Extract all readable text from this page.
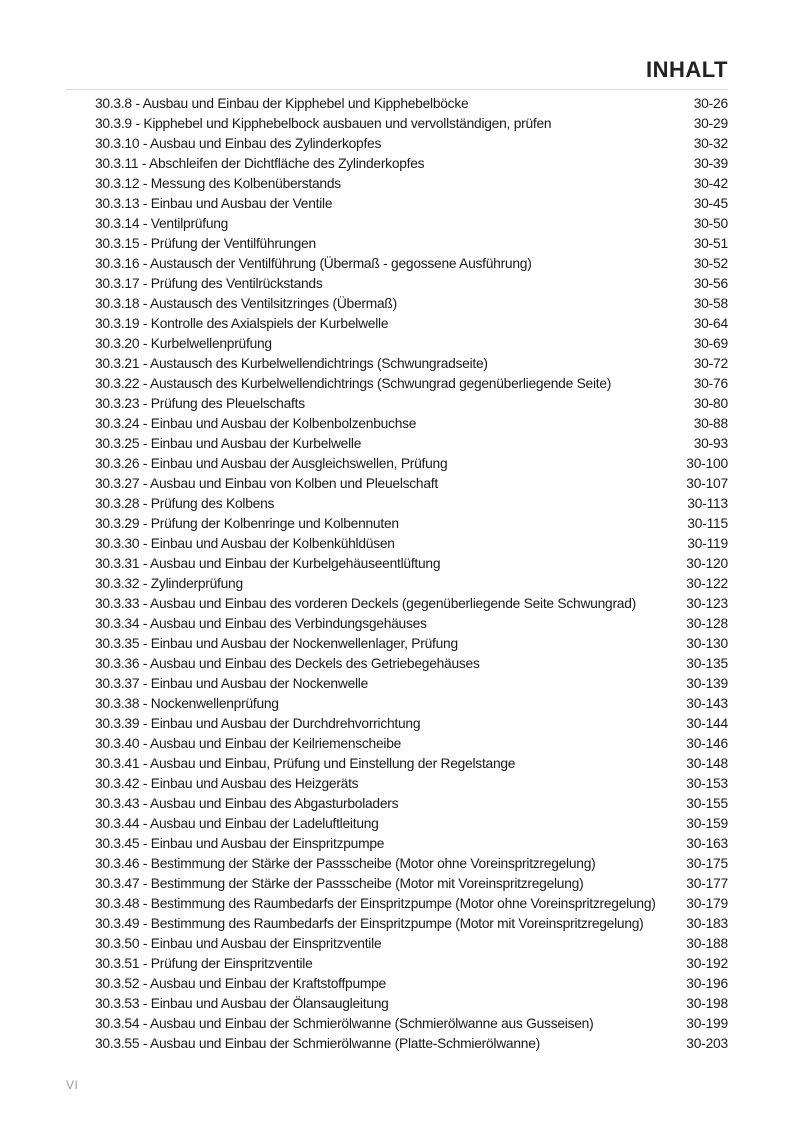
INHALT
30.3.8 - Ausbau und Einbau der Kipphebel und Kipphebelböcke	30-26
30.3.9 - Kipphebel und Kipphebelbock ausbauen und vervollständigen, prüfen	30-29
30.3.10 - Ausbau und Einbau des Zylinderkopfes	30-32
30.3.11 - Abschleifen der Dichtfläche des Zylinderkopfes	30-39
30.3.12 - Messung des Kolbenüberstands	30-42
30.3.13 - Einbau und Ausbau der Ventile	30-45
30.3.14 - Ventilprüfung	30-50
30.3.15 - Prüfung der Ventilführungen	30-51
30.3.16 - Austausch der Ventilführung (Übermaß - gegossene Ausführung)	30-52
30.3.17 - Prüfung des Ventilrückstands	30-56
30.3.18 - Austausch des Ventilsitzringes (Übermaß)	30-58
30.3.19 - Kontrolle des Axialspiels der Kurbelwelle	30-64
30.3.20 - Kurbelwellenprüfung	30-69
30.3.21 - Austausch des Kurbelwellendichtrings (Schwungradseite)	30-72
30.3.22 - Austausch des Kurbelwellendichtrings (Schwungrad gegenüberliegende Seite)	30-76
30.3.23 - Prüfung des Pleuelschafts	30-80
30.3.24 - Einbau und Ausbau der Kolbenbolzenbuchse	30-88
30.3.25 - Einbau und Ausbau der Kurbelwelle	30-93
30.3.26 - Einbau und Ausbau der Ausgleichswellen, Prüfung	30-100
30.3.27 - Ausbau und Einbau von Kolben und Pleuelschaft	30-107
30.3.28 - Prüfung des Kolbens	30-113
30.3.29 - Prüfung der Kolbenringe und Kolbennuten	30-115
30.3.30 - Einbau und Ausbau der Kolbenkühldüsen	30-119
30.3.31 - Ausbau und Einbau der Kurbelgehäuseentlüftung	30-120
30.3.32 - Zylinderprüfung	30-122
30.3.33 - Ausbau und Einbau des vorderen Deckels (gegenüberliegende Seite Schwungrad)	30-123
30.3.34 - Ausbau und Einbau des Verbindungsgehäuses	30-128
30.3.35 - Einbau und Ausbau der Nockenwellenlager, Prüfung	30-130
30.3.36 - Ausbau und Einbau des Deckels des Getriebegehäuses	30-135
30.3.37 - Einbau und Ausbau der Nockenwelle	30-139
30.3.38 - Nockenwellenprüfung	30-143
30.3.39 - Einbau und Ausbau der Durchdrehvorrichtung	30-144
30.3.40 - Ausbau und Einbau der Keilriemenscheibe	30-146
30.3.41 - Ausbau und Einbau, Prüfung und Einstellung der Regelstange	30-148
30.3.42 - Einbau und Ausbau des Heizgeräts	30-153
30.3.43 - Ausbau und Einbau des Abgasturboladers	30-155
30.3.44 - Ausbau und Einbau der Ladeluftleitung	30-159
30.3.45 - Einbau und Ausbau der Einspritzpumpe	30-163
30.3.46 - Bestimmung der Stärke der Passscheibe (Motor ohne Voreinspritzregelung)	30-175
30.3.47 - Bestimmung der Stärke der Passscheibe (Motor mit Voreinspritzregelung)	30-177
30.3.48 - Bestimmung des Raumbedarfs der Einspritzpumpe (Motor ohne Voreinspritzregelung)	30-179
30.3.49 - Bestimmung des Raumbedarfs der Einspritzpumpe (Motor mit Voreinspritzregelung)	30-183
30.3.50 - Einbau und Ausbau der Einspritzventile	30-188
30.3.51 - Prüfung der Einspritzventile	30-192
30.3.52 - Ausbau und Einbau der Kraftstoffpumpe	30-196
30.3.53 - Einbau und Ausbau der Ölansaugleitung	30-198
30.3.54 - Ausbau und Einbau der Schmierölwanne (Schmierölwanne aus Gusseisen)	30-199
30.3.55 - Ausbau und Einbau der Schmierölwanne (Platte-Schmierölwanne)	30-203
VI
